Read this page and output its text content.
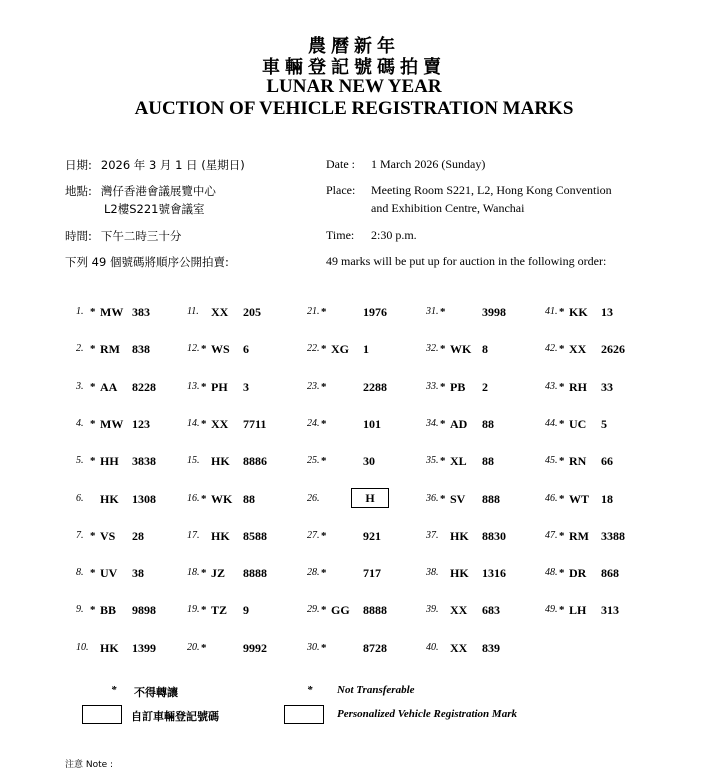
農曆新年
車輛登記號碼拍賣
LUNAR NEW YEAR
AUCTION OF VEHICLE REGISTRATION MARKS
日期: 2026 年 3 月 1 日 (星期日)
地點: 灣仔香港會議展覽中心
L2樓S221號會議室
時間: 下午二時三十分
下列 49 個號碼將順序公開拍賣:
Date : 1 March 2026 (Sunday)
Place: Meeting Room S221, L2, Hong Kong Convention
and Exhibition Centre, Wanchai
Time: 2:30 p.m.
49 marks will be put up for auction in the following order:
1. * MW 383
2. * RM 838
3. * AA 8228
4. * MW 123
5. * HH 3838
6. HK 1308
7. * VS 28
8. * UV 38
9. * BB 9898
10. HK 1399
11. XX 205
12. * WS 6
13. * PH 3
14. * XX 7711
15. HK 8886
16. * WK 88
17. HK 8588
18. * JZ 8888
19. * TZ 9
20. *	9992
21. *	1976
22. * XG 1
23. *	2288
24. *	101
25. *	30
26.	H
27. *	921
28. *	717
29. * GG 8888
30. *	8728
31. *	3998
32. * WK 8
33. * PB 2
34. * AD 88
35. * XL 88
36. * SV 888
37. HK 8830
38. HK 1316
39. XX 683
40. XX 839
41. * KK 13
42. * XX 2626
43. * RH 33
44. * UC 5
45. * RN 66
46. * WT 18
47. * RM 3388
48. * DR 868
49. * LH 313
* 不得轉讓	* Not Transferable
自訂車輛登記號碼	Personalized Vehicle Registration Mark
注意 Note :
